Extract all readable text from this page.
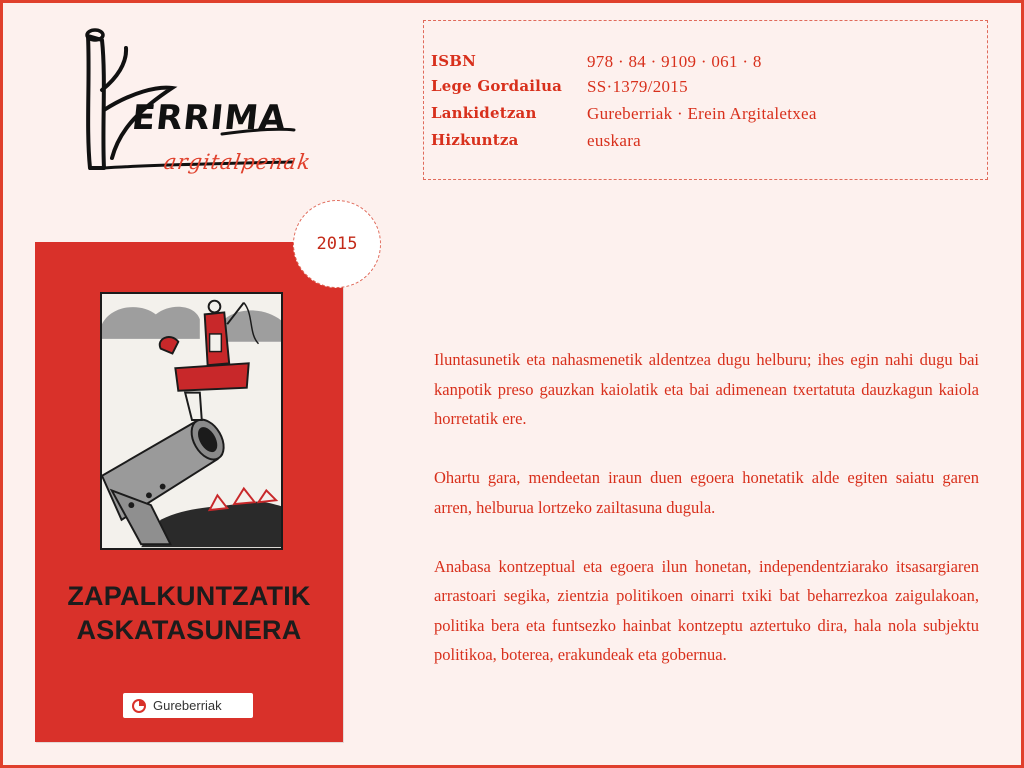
ERRIMA
argitalpenak
ISBN	978 · 84 · 9109 · 061 · 8
Lege Gordailua SS·1379/2015
Lankidetzan	Gureberriak · Erein Argitaletxea
Hizkuntza	euskara
ZAPALKUNTZATIK
ASKATASUNERA
Gureberriak
2015

Iluntasunetik eta nahasmenetik aldentzea dugu helburu; ihes egin nahi dugu bai kanpotik preso gauzkan kaiolatik eta bai adimenean txertatuta dauzkagun kaiola horretatik ere.

Ohartu gara, mendeetan iraun duen egoera honetatik alde egiten saiatu garen arren, helburua lortzeko zailtasuna dugula.

Anabasa kontzeptual eta egoera ilun honetan, independentziarako itsasargiaren arrastoari segika, zientzia politikoen oinarri txiki bat beharrezkoa zaigulakoan, politika bera eta funtsezko hainbat kontzeptu aztertuko dira, hala nola subjektu politikoa, boterea, erakundeak eta gobernua.
